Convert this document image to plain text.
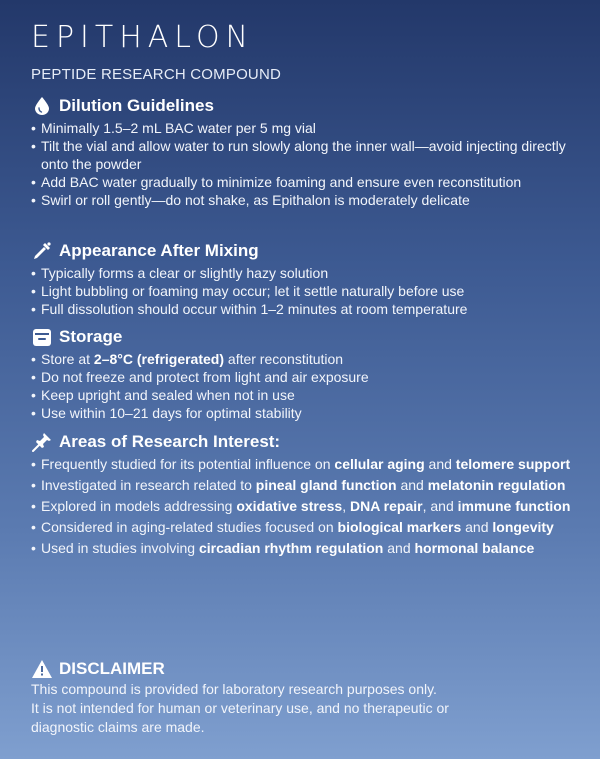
EPITHALON
PEPTIDE RESEARCH COMPOUND
Dilution Guidelines
• Minimally 1.5–2 mL BAC water per 5 mg vial
• Tilt the vial and allow water to run slowly along the inner wall—avoid injecting directly onto the powder
• Add BAC water gradually to minimize foaming and ensure even reconstitution
• Swirl or roll gently—do not shake, as Epithalon is moderately delicate
Appearance After Mixing
• Typically forms a clear or slightly hazy solution
• Light bubbling or foaming may occur; let it settle naturally before use
• Full dissolution should occur within 1–2 minutes at room temperature
Storage
• Store at 2–8°C (refrigerated) after reconstitution
• Do not freeze and protect from light and air exposure
• Keep upright and sealed when not in use
• Use within 10–21 days for optimal stability
Areas of Research Interest:
• Frequently studied for its potential influence on cellular aging and telomere support
• Investigated in research related to pineal gland function and melatonin regulation
• Explored in models addressing oxidative stress, DNA repair, and immune function
• Considered in aging-related studies focused on biological markers and longevity
• Used in studies involving circadian rhythm regulation and hormonal balance
DISCLAIMER
This compound is provided for laboratory research purposes only.
It is not intended for human or veterinary use, and no therapeutic or
diagnostic claims are made.
